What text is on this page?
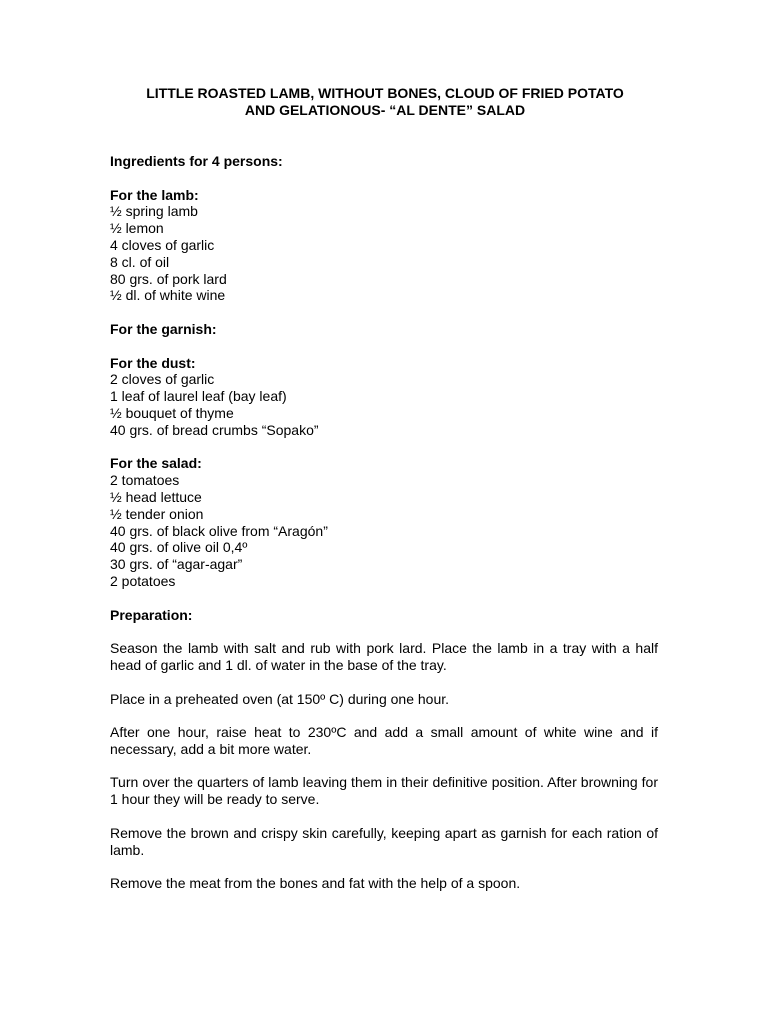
LITTLE ROASTED LAMB, WITHOUT BONES, CLOUD OF FRIED POTATO
AND GELATIONOUS- “AL DENTE” SALAD

Ingredients for 4 persons:

For the lamb:

½ spring lamb
½ lemon
4 cloves of garlic
8 cl. of oil
80 grs. of pork lard
½ dl. of white wine

For the garnish:

For the dust:

2 cloves of garlic
1 leaf of laurel leaf (bay leaf)
½ bouquet of thyme
40 grs. of bread crumbs “Sopako”

For the salad:

2 tomatoes
½ head lettuce
½ tender onion
40 grs. of black olive from “Aragón”
40 grs. of olive oil 0,4º
30 grs. of “agar-agar”
2 potatoes

Preparation:

Season the lamb with salt and rub with pork lard. Place the lamb in a tray with a half head of garlic and 1 dl. of water in the base of the tray.

Place in a preheated oven (at 150º C) during one hour.

After one hour, raise heat to 230ºC and add a small amount of white wine and if necessary, add a bit more water.

Turn over the quarters of lamb leaving them in their definitive position. After browning for 1 hour they will be ready to serve.

Remove the brown and crispy skin carefully, keeping apart as garnish for each ration of lamb.

Remove the meat from the bones and fat with the help of a spoon.
